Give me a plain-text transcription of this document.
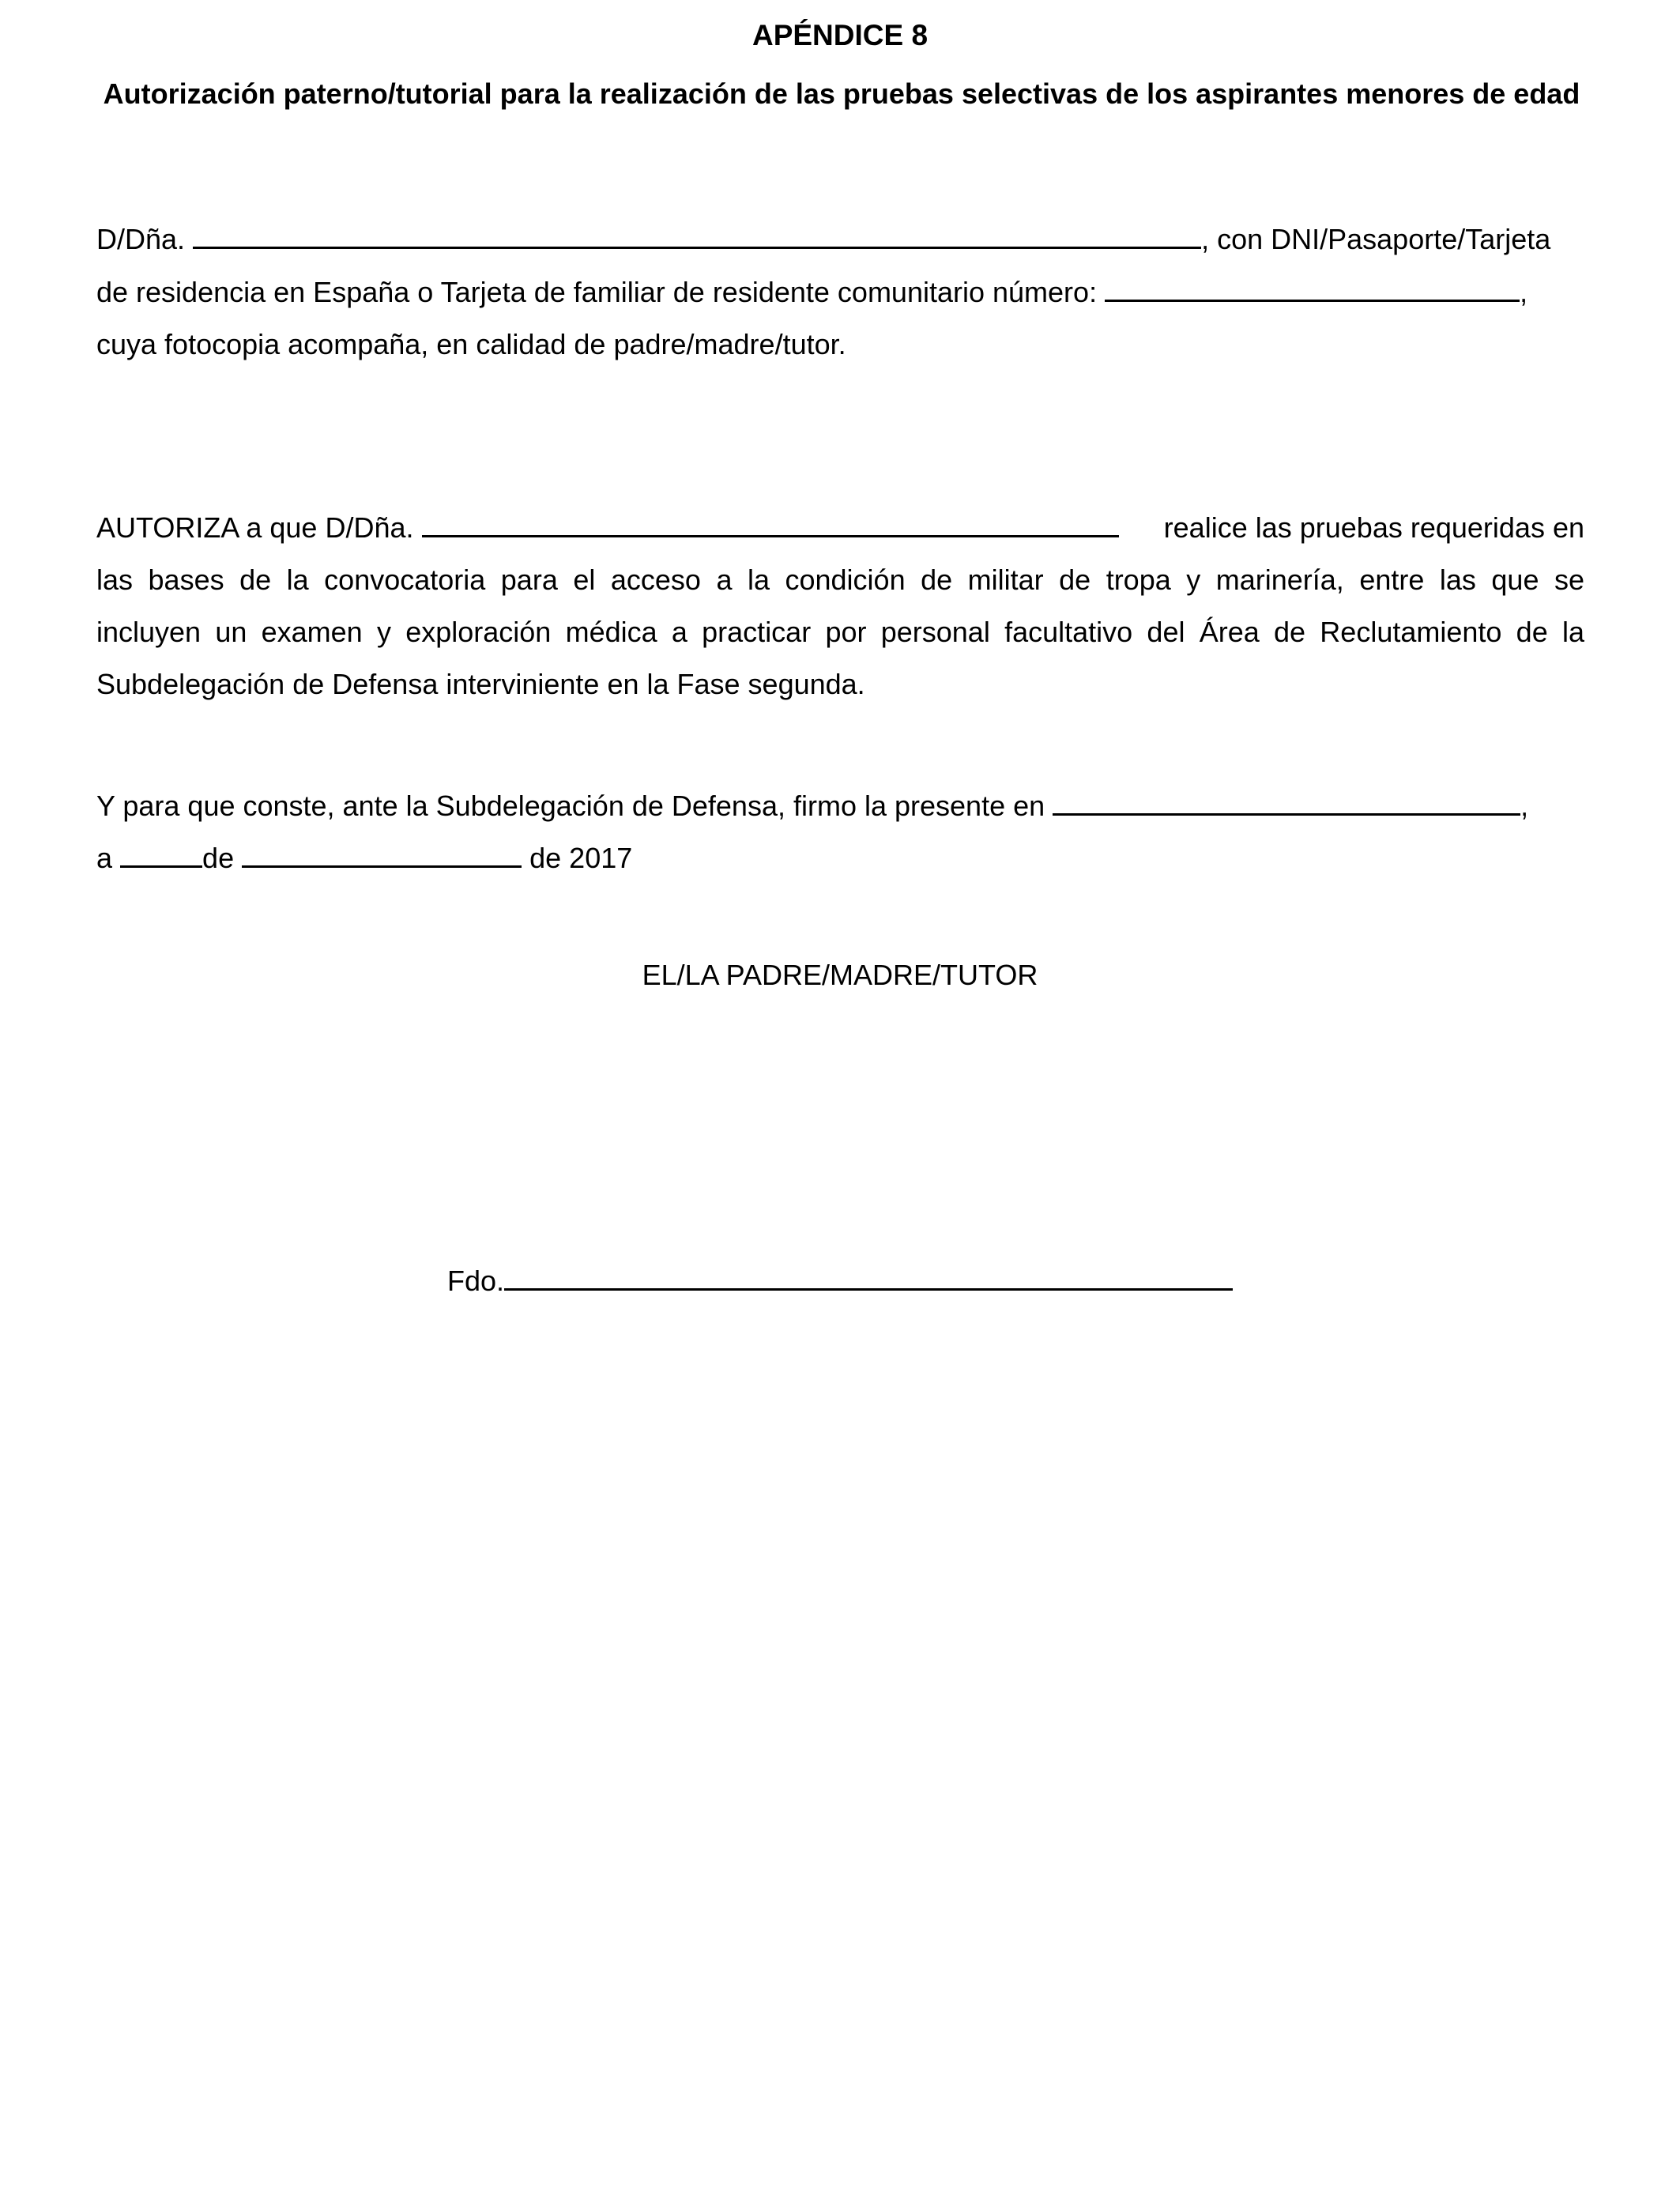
APÉNDICE 8
Autorización paterno/tutorial para la realización de las pruebas selectivas de los aspirantes menores de edad
D/Dña.
	, con DNI/Pasaporte/Tarjeta
de residencia en España o Tarjeta de familiar de residente comunitario número:
	,
cuya fotocopia acompaña, en calidad de padre/madre/tutor.
AUTORIZA a que D/Dña.
	realice las pruebas requeridas en
las bases de la convocatoria para el acceso a la condición de militar de tropa y marinería, entre las que se
incluyen un examen y exploración médica a practicar por personal facultativo del Área de Reclutamiento de la
Subdelegación de Defensa interviniente en la Fase segunda.
Y para que conste, ante la Subdelegación de Defensa, firmo la presente en
	,
a
	de

	de 2017
EL/LA PADRE/MADRE/TUTOR
Fdo.
